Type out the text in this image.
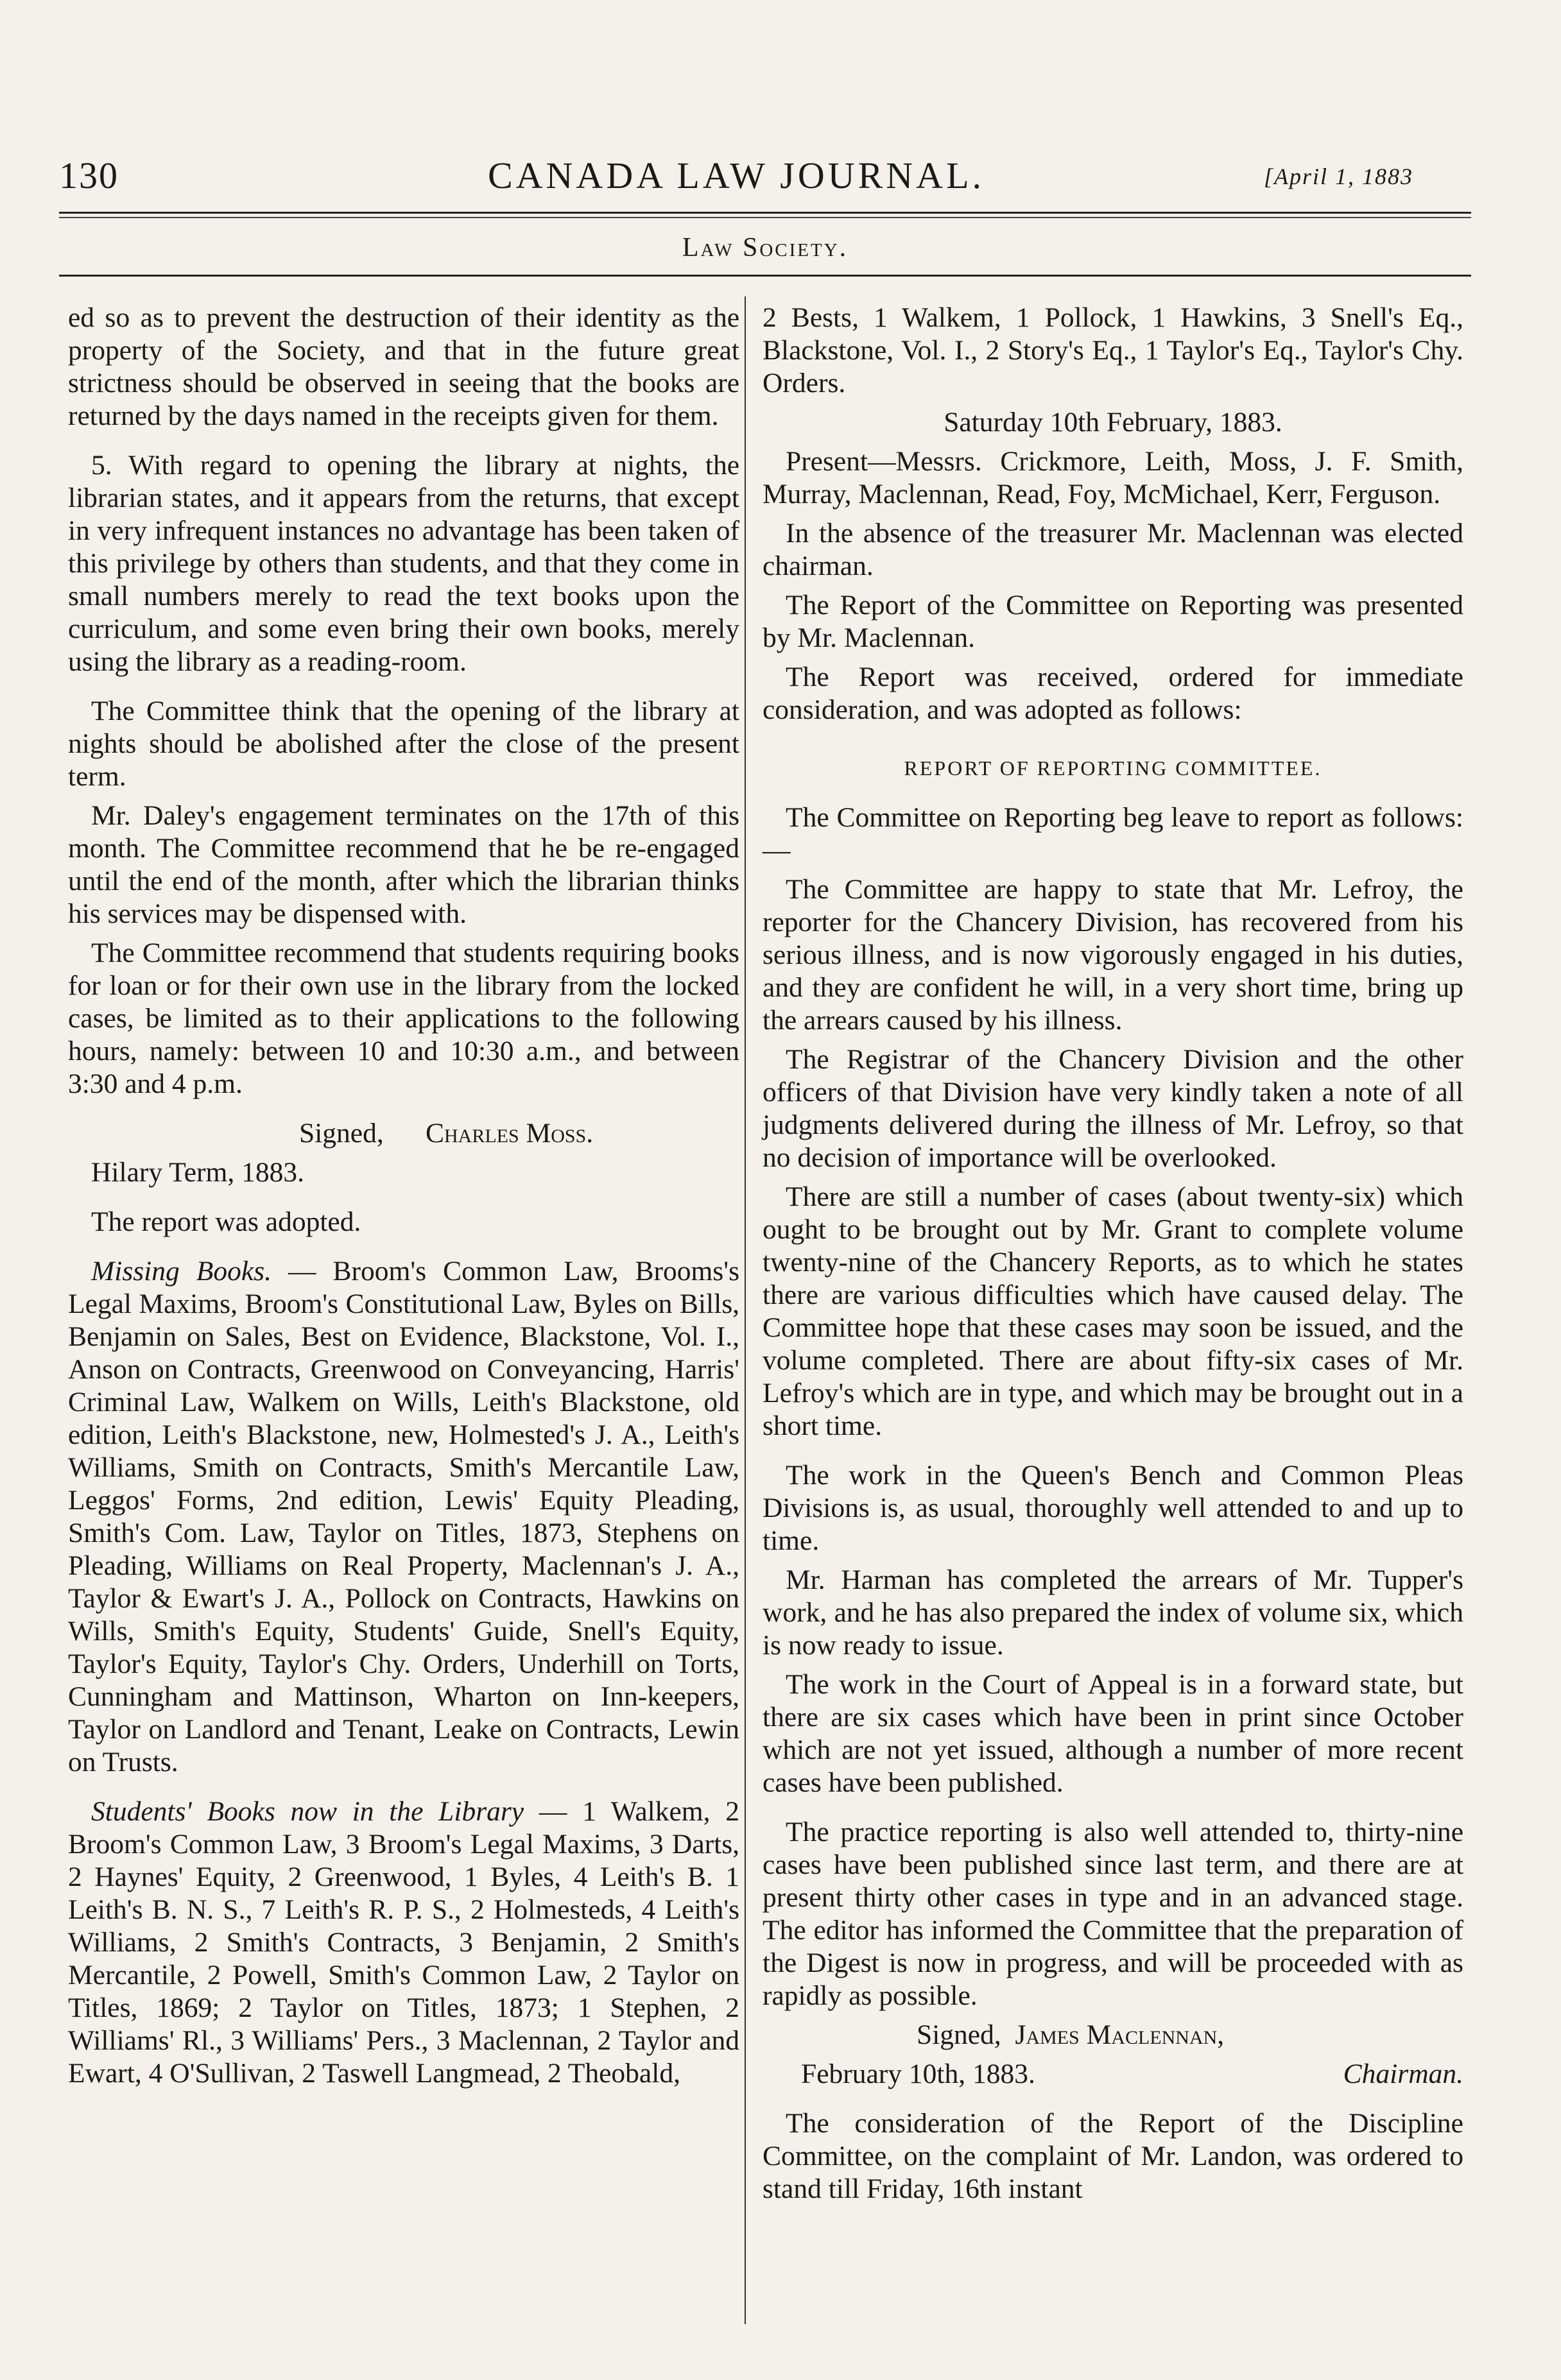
130	CANADA LAW JOURNAL.	[April 1, 1883
Law Society.

ed so as to prevent the destruction of their identity as the property of the Society, and that in the future great strictness should be observed in seeing that the books are returned by the days named in the receipts given for them.

5. With regard to opening the library at nights, the librarian states, and it appears from the returns, that except in very infrequent instances no advantage has been taken of this privilege by others than students, and that they come in small numbers merely to read the text books upon the curriculum, and some even bring their own books, merely using the library as a reading-room.

The Committee think that the opening of the library at nights should be abolished after the close of the present term.

Mr. Daley's engagement terminates on the 17th of this month. The Committee recommend that he be re-engaged until the end of the month, after which the librarian thinks his services may be dispensed with.

The Committee recommend that students requiring books for loan or for their own use in the library from the locked cases, be limited as to their applications to the following hours, namely: between 10 and 10:30 a.m., and between 3:30 and 4 p.m.

Signed, Charles Moss.

Hilary Term, 1883.

The report was adopted.

Missing Books. — Broom's Common Law, Brooms's Legal Maxims, Broom's Constitutional Law, Byles on Bills, Benjamin on Sales, Best on Evidence, Blackstone, Vol. I., Anson on Contracts, Greenwood on Conveyancing, Harris' Criminal Law, Walkem on Wills, Leith's Blackstone, old edition, Leith's Blackstone, new, Holmested's J. A., Leith's Williams, Smith on Contracts, Smith's Mercantile Law, Leggos' Forms, 2nd edition, Lewis' Equity Pleading, Smith's Com. Law, Taylor on Titles, 1873, Stephens on Pleading, Williams on Real Property, Maclennan's J. A., Taylor & Ewart's J. A., Pollock on Contracts, Hawkins on Wills, Smith's Equity, Students' Guide, Snell's Equity, Taylor's Equity, Taylor's Chy. Orders, Underhill on Torts, Cunningham and Mattinson, Wharton on Inn-keepers, Taylor on Landlord and Tenant, Leake on Contracts, Lewin on Trusts.

Students' Books now in the Library — 1 Walkem, 2 Broom's Common Law, 3 Broom's Legal Maxims, 3 Darts, 2 Haynes' Equity, 2 Greenwood, 1 Byles, 4 Leith's B. 1 Leith's B. N. S., 7 Leith's R. P. S., 2 Holmesteds, 4 Leith's Williams, 2 Smith's Contracts, 3 Benjamin, 2 Smith's Mercantile, 2 Powell, Smith's Common Law, 2 Taylor on Titles, 1869; 2 Taylor on Titles, 1873; 1 Stephen, 2 Williams' Rl., 3 Williams' Pers., 3 Maclennan, 2 Taylor and Ewart, 4 O'Sullivan, 2 Taswell Langmead, 2 Theobald,

2 Bests, 1 Walkem, 1 Pollock, 1 Hawkins, 3 Snell's Eq., Blackstone, Vol. I., 2 Story's Eq., 1 Taylor's Eq., Taylor's Chy. Orders.

Saturday 10th February, 1883.

Present—Messrs. Crickmore, Leith, Moss, J. F. Smith, Murray, Maclennan, Read, Foy, McMichael, Kerr, Ferguson.

In the absence of the treasurer Mr. Maclennan was elected chairman.

The Report of the Committee on Reporting was presented by Mr. Maclennan.

The Report was received, ordered for immediate consideration, and was adopted as follows:

REPORT OF REPORTING COMMITTEE.

The Committee on Reporting beg leave to report as follows:—

The Committee are happy to state that Mr. Lefroy, the reporter for the Chancery Division, has recovered from his serious illness, and is now vigorously engaged in his duties, and they are confident he will, in a very short time, bring up the arrears caused by his illness.

The Registrar of the Chancery Division and the other officers of that Division have very kindly taken a note of all judgments delivered during the illness of Mr. Lefroy, so that no decision of importance will be overlooked.

There are still a number of cases (about twenty-six) which ought to be brought out by Mr. Grant to complete volume twenty-nine of the Chancery Reports, as to which he states there are various difficulties which have caused delay. The Committee hope that these cases may soon be issued, and the volume completed. There are about fifty-six cases of Mr. Lefroy's which are in type, and which may be brought out in a short time.

The work in the Queen's Bench and Common Pleas Divisions is, as usual, thoroughly well attended to and up to time.

Mr. Harman has completed the arrears of Mr. Tupper's work, and he has also prepared the index of volume six, which is now ready to issue.

The work in the Court of Appeal is in a forward state, but there are six cases which have been in print since October which are not yet issued, although a number of more recent cases have been published.

The practice reporting is also well attended to, thirty-nine cases have been published since last term, and there are at present thirty other cases in type and in an advanced stage. The editor has informed the Committee that the preparation of the Digest is now in progress, and will be proceeded with as rapidly as possible.

Signed, James Maclennan,

February 10th, 1883.	Chairman.

The consideration of the Report of the Discipline Committee, on the complaint of Mr. Landon, was ordered to stand till Friday, 16th instant
